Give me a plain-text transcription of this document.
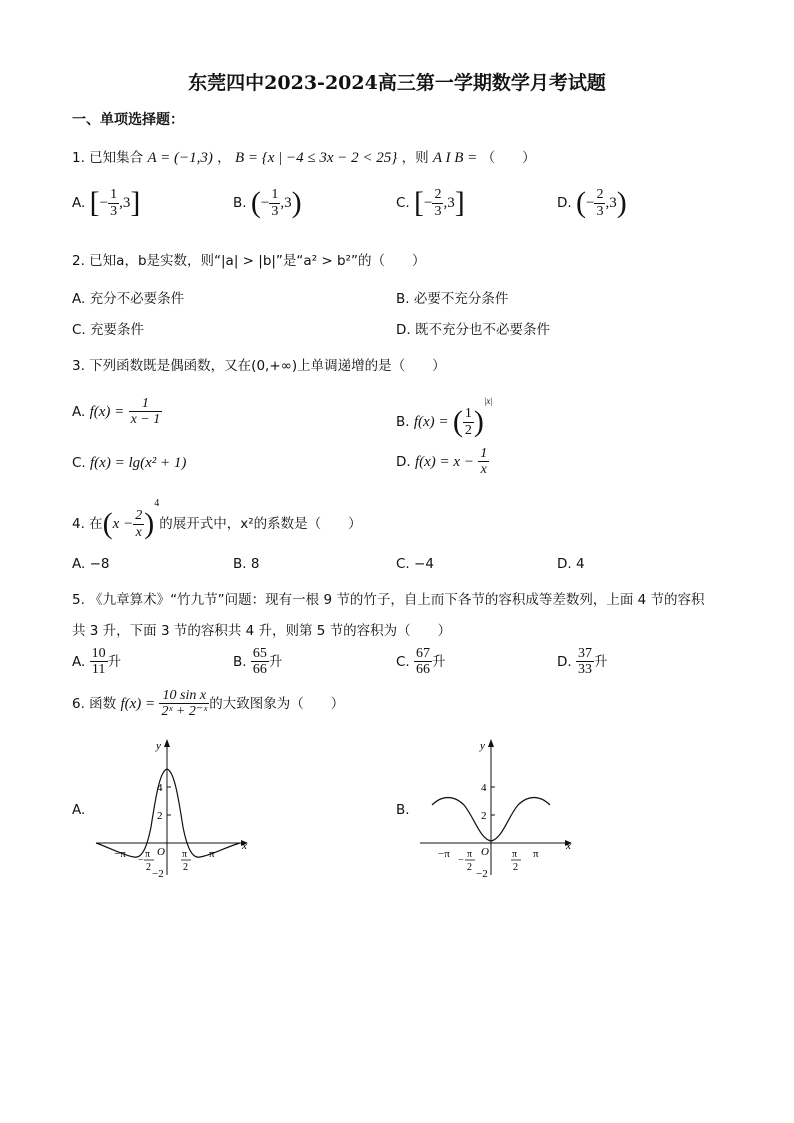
东莞四中2023-2024高三第一学期数学月考试题
一、单项选择题：
1. 已知集合 A = (−1,3) ， B = {x | −4 ≤ 3x − 2 < 25} ，则 A I B = （　　）
A. [− $\frac{1}{3} ,3$]	B. (− $\frac{1}{3} ,3$)	C. [− $\frac{2}{3} ,3$]	D. (− $\frac{2}{3} ,3$)
2. 已知a，b是实数，则“|a| > |b|”是“a² > b²”的（　　）
A. 充分不必要条件	B. 必要不充分条件
C. 充要条件	D. 既不充分也不必要条件
3. 下列函数既是偶函数，又在(0,+∞)上单调递增的是（　　）
A. $f(x) = \frac{1}{x - 1}$	B. f(x) = ( $\frac{1}{2} )^{|x|}$
C. f(x) = lg(x² + 1)	D. $f(x) = x - \frac{1}{x}$
4. 在$(x - \frac{2}{x} )^4$的展开式中，x²的系数是（　　）
A. −8	B. 8	C. −4	D. 4
5. 《九章算术》“竹九节”问题：现有一根 9 节的竹子，自上而下各节的容积成等差数列，上面 4 节的容积
共 3 升，下面 3 节的容积共 4 升，则第 5 节的容积为（　　）
A. $\frac{10}{11}$ 升	B. $\frac{65}{66}$ 升	C. $\frac{67}{66}$ 升	D. $\frac{37}{33}$ 升
6. 函数 $f(x) = \frac{\text{10 sin x}}{\text{2ˣ + 2⁻ˣ}}$ 的大致图象为（　　）
A.
y
x
4
2
−2
O
−π	π
−
π
2
π
2
B.
y
x
4
2
−2
O
−π	π
−
π
2
π
2
